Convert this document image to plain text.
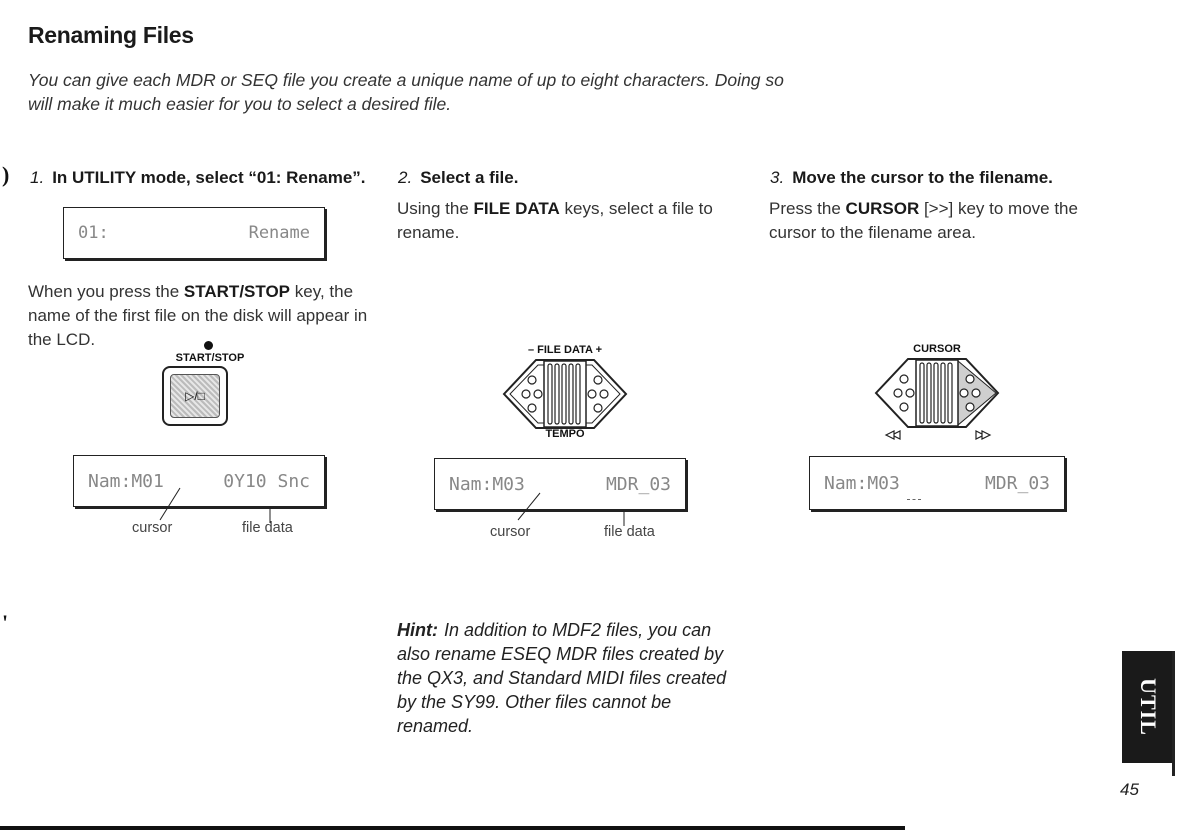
Renaming Files
You can give each MDR or SEQ file you create a unique name of up to eight characters. Doing so will make it much easier for you to select a desired file.
)
'
1. In UTILITY mode, select “01: Rename”.
01:	Rename
When you press the START/STOP key, the name of the first file on the disk will appear in the LCD.
START/STOP
▷/□
Nam:M01	0Y10 Snc
cursor	file data
2. Select a file.
Using the FILE DATA keys, select a file to rename.
– FILE DATA +
TEMPO
Nam:M03	MDR_03
cursor	file data
3. Move the cursor to the filename.
Press the CURSOR [>>] key to move the cursor to the filename area.
CURSOR
Nam:M03	MDR_03
Hint: In addition to MDF2 files, you can also rename ESEQ MDR files created by the QX3, and Standard MIDI files created by the SY99. Other files cannot be renamed.	UTIL
45
